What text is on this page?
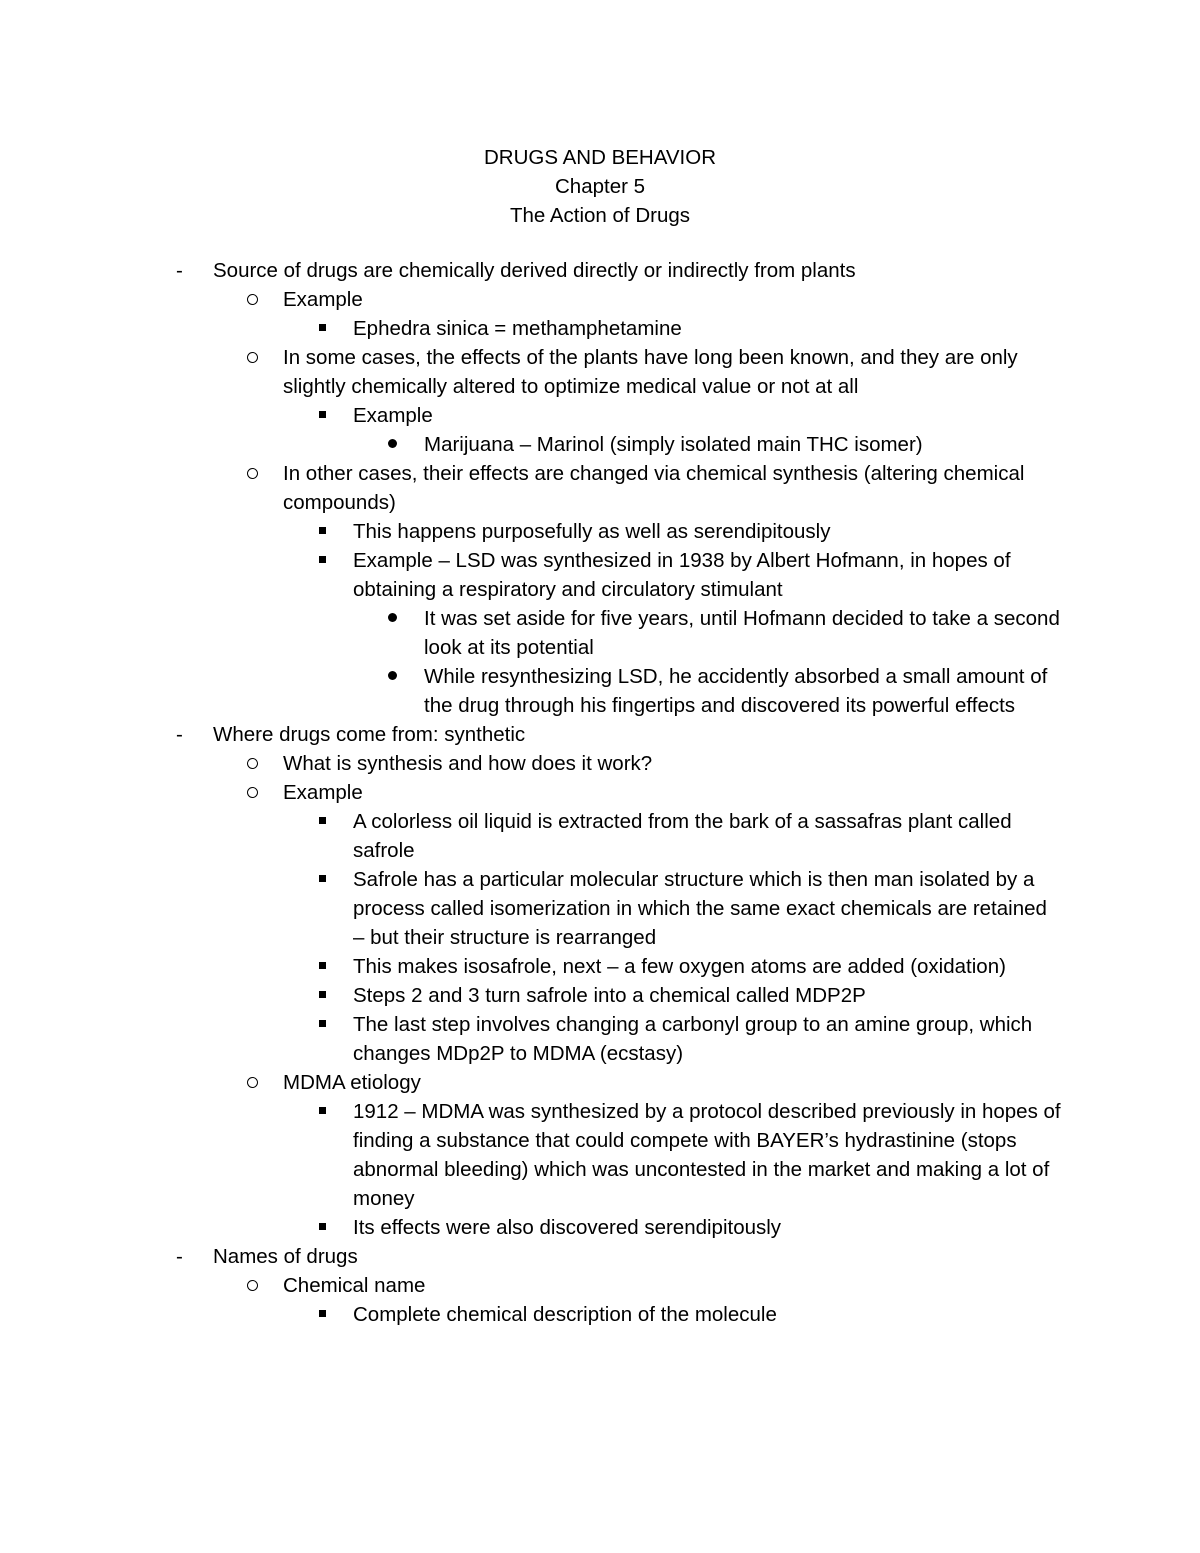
DRUGS AND BEHAVIOR
Chapter 5
The Action of Drugs
- Source of drugs are chemically derived directly or indirectly from plants
Example
Ephedra sinica = methamphetamine
In some cases, the effects of the plants have long been known, and they are only slightly chemically altered to optimize medical value or not at all
Example
Marijuana – Marinol (simply isolated main THC isomer)
In other cases, their effects are changed via chemical synthesis (altering chemical compounds)
This happens purposefully as well as serendipitously
Example – LSD was synthesized in 1938 by Albert Hofmann, in hopes of obtaining a respiratory and circulatory stimulant
It was set aside for five years, until Hofmann decided to take a second look at its potential
While resynthesizing LSD, he accidently absorbed a small amount of the drug through his fingertips and discovered its powerful effects
- Where drugs come from: synthetic
What is synthesis and how does it work?
Example
A colorless oil liquid is extracted from the bark of a sassafras plant called safrole
Safrole has a particular molecular structure which is then man isolated by a process called isomerization in which the same exact chemicals are retained – but their structure is rearranged
This makes isosafrole, next – a few oxygen atoms are added (oxidation)
Steps 2 and 3 turn safrole into a chemical called MDP2P
The last step involves changing a carbonyl group to an amine group, which changes MDp2P to MDMA (ecstasy)
MDMA etiology
1912 – MDMA was synthesized by a protocol described previously in hopes of finding a substance that could compete with BAYER’s hydrastinine (stops abnormal bleeding) which was uncontested in the market and making a lot of money
Its effects were also discovered serendipitously
- Names of drugs
Chemical name
Complete chemical description of the molecule
